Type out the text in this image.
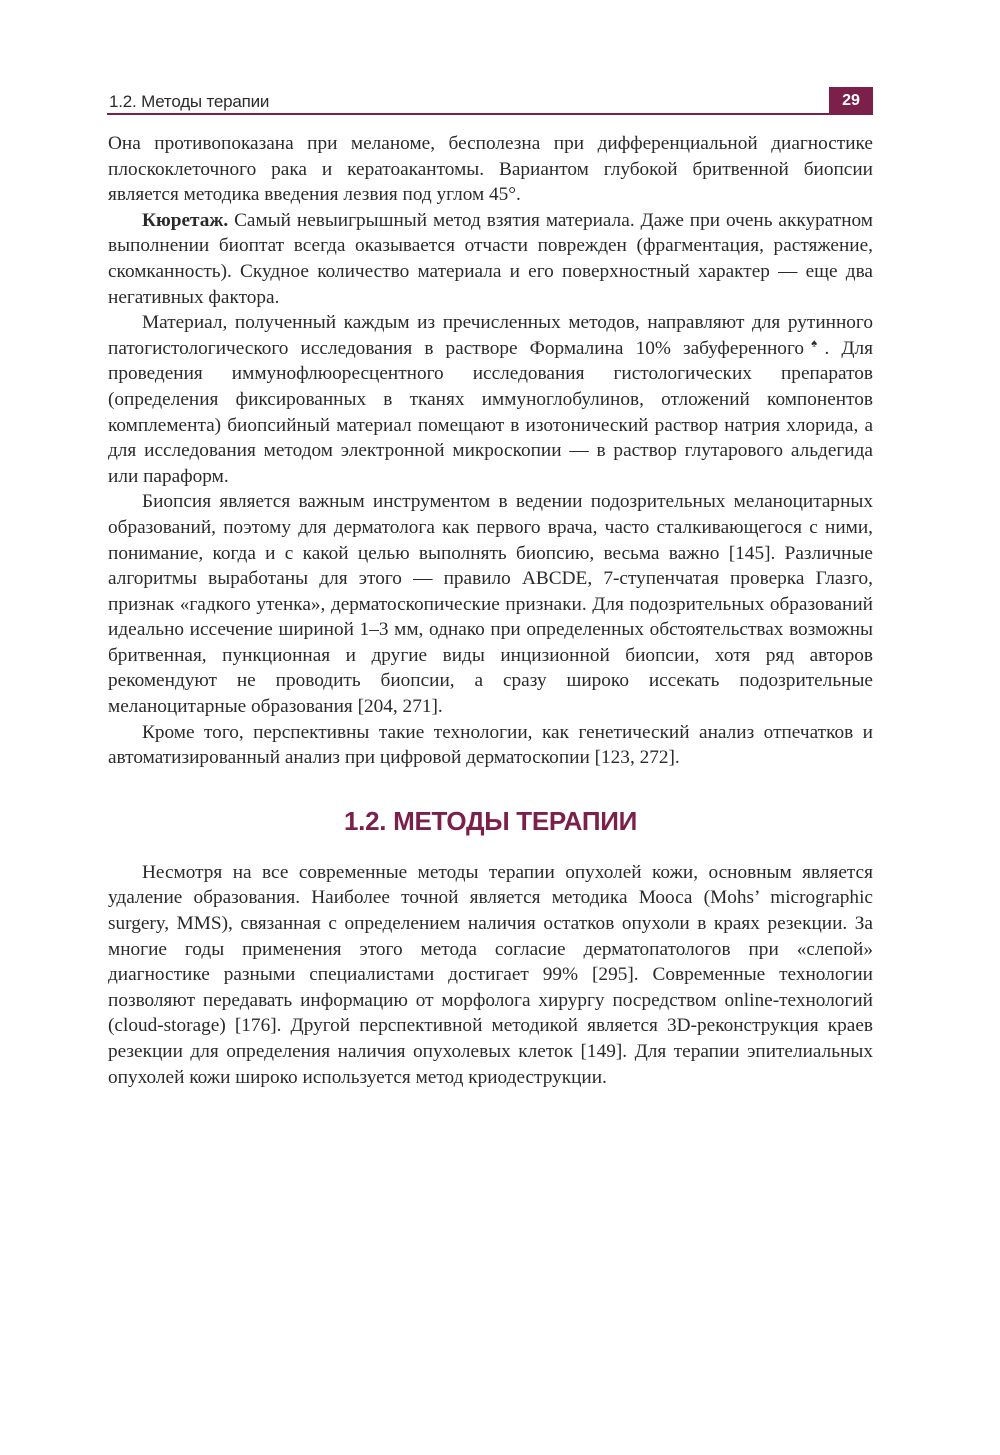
1.2. Методы терапии	29

Она противопоказана при меланоме, бесполезна при дифференциальной диагностике плоскоклеточного рака и кератоакантомы. Вариантом глубокой бритвенной биопсии является методика введения лезвия под углом 45°.

Кюретаж. Самый невыигрышный метод взятия материала. Даже при очень аккуратном выполнении биоптат всегда оказывается отчасти поврежден (фрагментация, растяжение, скомканность). Скудное количество материала и его поверхностный характер — еще два негативных фактора.

Материал, полученный каждым из пречисленных методов, направляют для рутинного патогистологического исследования в растворе Формалина 10% забуференного♠. Для проведения иммунофлюоресцентного исследования гистологических препаратов (определения фиксированных в тканях иммуноглобулинов, отложений компонентов комплемента) биопсийный материал помещают в изотонический раствор натрия хлорида, а для исследования методом электронной микроскопии — в раствор глутарового альдегида или параформ.

Биопсия является важным инструментом в ведении подозрительных меланоцитарных образований, поэтому для дерматолога как первого врача, часто сталкивающегося с ними, понимание, когда и с какой целью выполнять биопсию, весьма важно [145]. Различные алгоритмы выработаны для этого — правило ABCDE, 7-ступенчатая проверка Глазго, признак «гадкого утенка», дерматоскопические признаки. Для подозрительных образований идеально иссечение шириной 1–3 мм, однако при определенных обстоятельствах возможны бритвенная, пункционная и другие виды инцизионной биопсии, хотя ряд авторов рекомендуют не проводить биопсии, а сразу широко иссекать подозрительные меланоцитарные образования [204, 271].

Кроме того, перспективны такие технологии, как генетический анализ отпечатков и автоматизированный анализ при цифровой дерматоскопии [123, 272].

1.2. МЕТОДЫ ТЕРАПИИ

Несмотря на все современные методы терапии опухолей кожи, основным является удаление образования. Наиболее точной является методика Мооса (Mohs’ micrographic surgery, MMS), связанная с определением наличия остатков опухоли в краях резекции. За многие годы применения этого метода согласие дерматопатологов при «слепой» диагностике разными специалистами достигает 99% [295]. Современные технологии позволяют передавать информацию от морфолога хирургу посредством online-технологий (cloud-storage) [176]. Другой перспективной методикой является 3D-реконструкция краев резекции для определения наличия опухолевых клеток [149]. Для терапии эпителиальных опухолей кожи широко используется метод криодеструкции.
